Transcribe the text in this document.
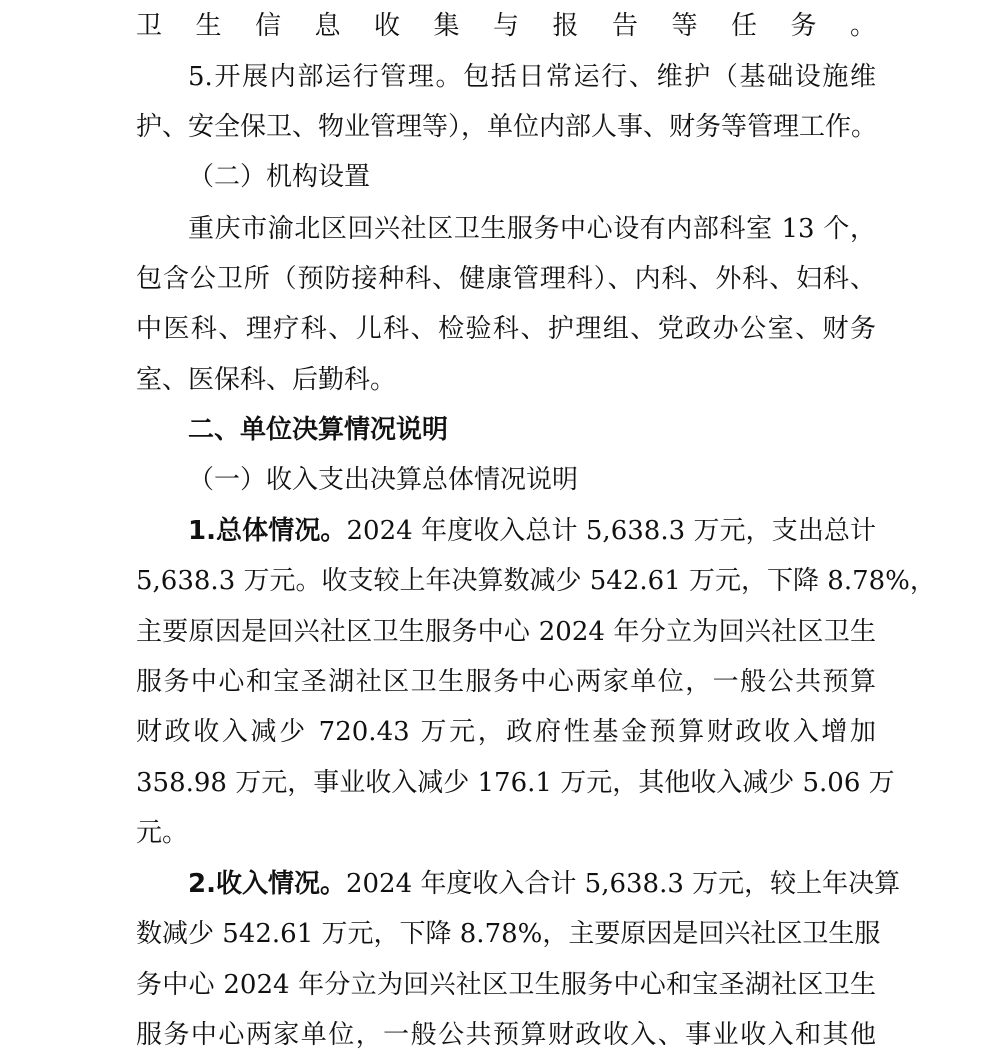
卫生信息收集与报告等任务。
5.开展内部运行管理。包括日常运行、维护（基础设施维
护、安全保卫、物业管理等），单位内部人事、财务等管理工作。
（二）机构设置
重庆市渝北区回兴社区卫生服务中心设有内部科室 13 个，
包含公卫所（预防接种科、健康管理科）、内科、外科、妇科、
中医科、理疗科、儿科、检验科、护理组、党政办公室、财务
室、医保科、后勤科。
二、单位决算情况说明
（一）收入支出决算总体情况说明
1.总体情况。2024 年度收入总计 5,638.3 万元，支出总计
5,638.3 万元。收支较上年决算数减少 542.61 万元，下降 8.78%，
主要原因是回兴社区卫生服务中心 2024 年分立为回兴社区卫生
服务中心和宝圣湖社区卫生服务中心两家单位，一般公共预算
财政收入减少 720.43 万元，政府性基金预算财政收入增加
358.98 万元，事业收入减少 176.1 万元，其他收入减少 5.06 万
元。
2.收入情况。2024 年度收入合计 5,638.3 万元，较上年决算
数减少 542.61 万元，下降 8.78%，主要原因是回兴社区卫生服
务中心 2024 年分立为回兴社区卫生服务中心和宝圣湖社区卫生
服务中心两家单位，一般公共预算财政收入、事业收入和其他
